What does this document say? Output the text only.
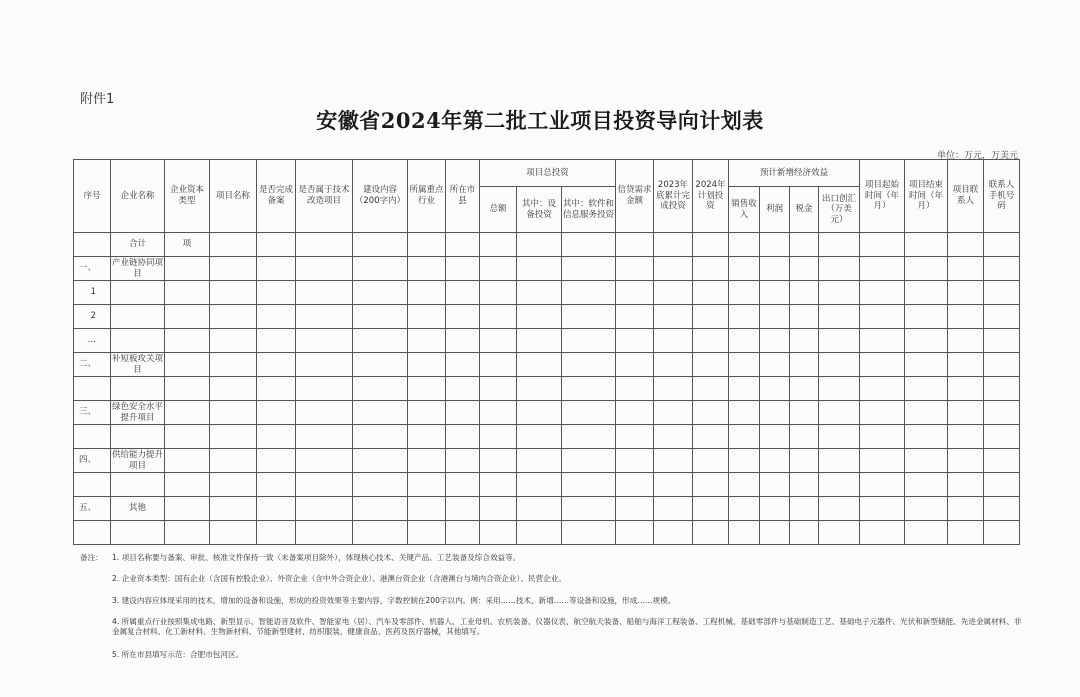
附件1
安徽省2024年第二批工业项目投资导向计划表
单位：万元，万美元
序号	企业名称	企业资本类型	项目名称	是否完成备案	是否属于技术改造项目	建设内容（200字内）	所属重点行业	所在市县	项目总投资			信贷需求金额	2023年底累计完成投资	2024年计划投资	预计新增经济效益				项目起始时间（年月）	项目结束时间（年月）	项目联系人	联系人手机号码
									总额	其中：设备投资	其中：软件和信息服务投资				销售收入	利润	税金	出口创汇（万美元）				
	合计	项																				
一、	产业链协同项目																					
1																						
2																						
…																						
二、	补短板攻关项目																					

三、	绿色安全水平提升项目																					

四、	供给能力提升项目																					

五、	其他																					

备注： 1. 项目名称要与备案、审批、核准文件保持一致（未备案项目除外），体现核心技术、关键产品、工艺装备及综合效益等。
2. 企业资本类型：国有企业（含国有控股企业）、外资企业（含中外合资企业）、港澳台资企业（含港澳台与境内合资企业）、民营企业。
3. 建设内容应体现采用的技术，增加的设备和设施，形成的投资效果等主要内容，字数控制在200字以内。例：采用……技术，新增……等设备和设施，形成……规模。
4. 所属重点行业按照集成电路、新型显示、智能语音及软件、智能家电（居）、汽车及零部件、机器人、工业母机、农机装备、仪器仪表、航空航天装备、船舶与海洋工程装备、工程机械、基础零部件与基础制造工艺、基础电子元器件、光伏和新型储能、先进金属材料、非金属复合材料、化工新材料、生物新材料、节能新型建材、纺织服装、健康食品、医药及医疗器械，其他填写。
5. 所在市县填写示范：合肥市包河区。
